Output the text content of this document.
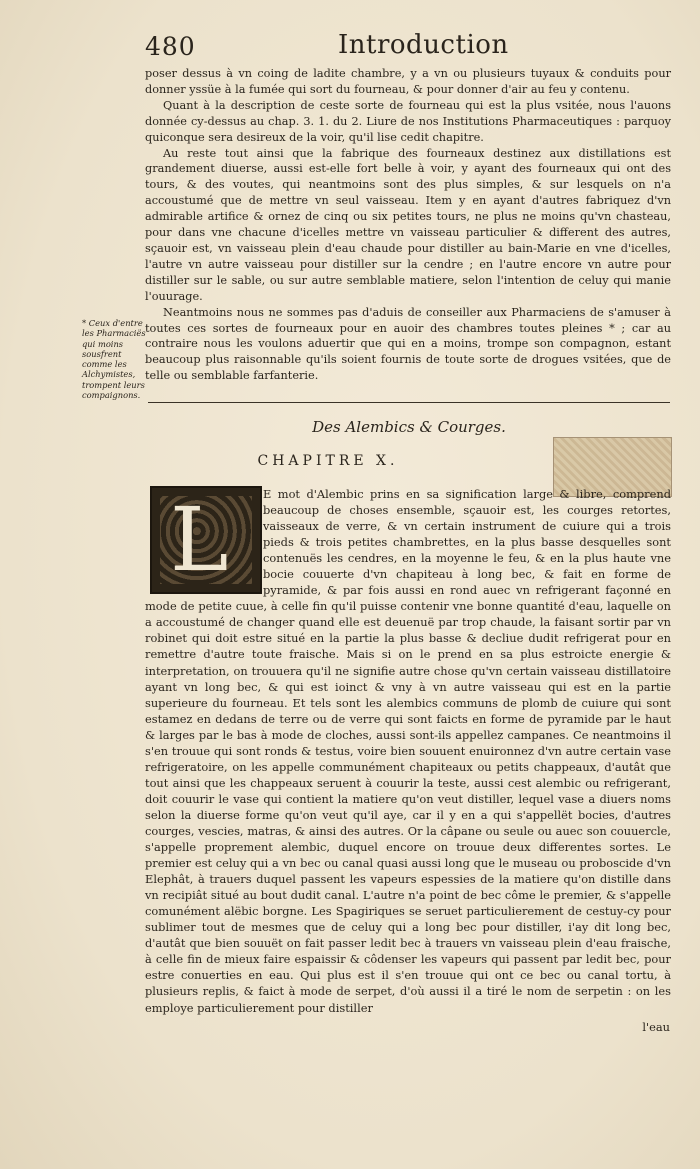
480	Introduction

poser dessus à vn coing de ladite chambre, y a vn ou plusieurs tuyaux & conduits pour donner yssüe à la fumée qui sort du fourneau, & pour donner d'air au feu y contenu.

Quant à la description de ceste sorte de fourneau qui est la plus vsitée, nous l'auons donnée cy-dessus au chap. 3. 1. du 2. Liure de nos Institutions Pharmaceutiques : parquoy quiconque sera desireux de la voir, qu'il lise cedit chapitre.

Au reste tout ainsi que la fabrique des fourneaux destinez aux distillations est grandement diuerse, aussi est-elle fort belle à voir, y ayant des fourneaux qui ont des tours, & des voutes, qui neantmoins sont des plus simples, & sur lesquels on n'a accoustumé que de mettre vn seul vaisseau. Item y en ayant d'autres fabriquez d'vn admirable artifice & ornez de cinq ou six petites tours, ne plus ne moins qu'vn chasteau, pour dans vne chacune d'icelles mettre vn vaisseau particulier & different des autres, sçauoir est, vn vaisseau plein d'eau chaude pour distiller au bain-Marie en vne d'icelles, l'autre vn autre vaisseau pour distiller sur la cendre ; en l'autre encore vn autre pour distiller sur le sable, ou sur autre semblable matiere, selon l'intention de celuy qui manie l'ouurage.

Neantmoins nous ne sommes pas d'aduis de conseiller aux Pharmaciens de s'amuser à toutes ces sortes de fourneaux pour en auoir des chambres toutes pleines * ; car au contraire nous les voulons aduertir que qui en a moins, trompe son compagnon, estant beaucoup plus raisonnable qu'ils soient fournis de toute sorte de drogues vsitées, que de telle ou semblable farfanterie.

* Ceux d'entre les Pharmaciës qui moins sousfrent comme les Alchymistes, trompent leurs compaignons.
Des Alembics & Courges.
CHAPITRE X.
L	E mot d'Alembic prins en sa signification large & libre, comprend beaucoup de choses ensemble, sçauoir est, les courges retortes, vaisseaux de verre, & vn certain instrument de cuiure qui a trois pieds & trois petites chambrettes, en la plus basse desquelles sont contenuës les cendres, en la moyenne le feu, & en la plus haute vne bocie couuerte d'vn chapiteau à long bec, & fait en forme de pyramide, & par fois aussi en rond auec vn refrigerant façonné en mode de petite cuue, à celle fin qu'il puisse contenir vne bonne quantité d'eau, laquelle on a accoustumé de changer quand elle est deuenuë par trop chaude, la faisant sortir par vn robinet qui doit estre situé en la partie la plus basse & decliue dudit refrigerat pour en remettre d'autre toute fraische. Mais si on le prend en sa plus estroicte energie & interpretation, on trouuera qu'il ne signifie autre chose qu'vn certain vaisseau distillatoire ayant vn long bec, & qui est ioinct & vny à vn autre vaisseau qui est en la partie superieure du fourneau. Et tels sont les alembics communs de plomb de cuiure qui sont estamez en dedans de terre ou de verre qui sont faicts en forme de pyramide par le haut & larges par le bas à mode de cloches, aussi sont-ils appellez campanes. Ce neantmoins il s'en trouue qui sont ronds & testus, voire bien souuent enuironnez d'vn autre certain vase refrigeratoire, on les appelle communément chapiteaux ou petits chappeaux, d'autât que tout ainsi que les chappeaux seruent à couurir la teste, aussi cest alembic ou refrigerant, doit couurir le vase qui contient la matiere qu'on veut distiller, lequel vase a diuers noms selon la diuerse forme qu'on veut qu'il aye, car il y en a qui s'appellët bocies, d'autres courges, vescies, matras, & ainsi des autres. Or la câpane ou seule ou auec son couuercle, s'appelle proprement alembic, duquel encore on trouue deux differentes sortes. Le premier est celuy qui a vn bec ou canal quasi aussi long que le museau ou proboscide d'vn Elephât, à trauers duquel passent les vapeurs espessies de la matiere qu'on distille dans vn recipiât situé au bout dudit canal. L'autre n'a point de bec côme le premier, & s'appelle comunément alëbic borgne. Les Spagiriques se seruet particulierement de cestuy-cy pour sublimer tout de mesmes que de celuy qui a long bec pour distiller, i'ay dit long bec, d'autât que bien souuët on fait passer ledit bec à trauers vn vaisseau plein d'eau fraische, à celle fin de mieux faire espaissir & côdenser les vapeurs qui passent par ledit bec, pour estre conuerties en eau. Qui plus est il s'en trouue qui ont ce bec ou canal tortu, à plusieurs replis, & faict à mode de serpet, d'où aussi il a tiré le nom de serpetin : on les employe particulierement pour distiller

l'eau
